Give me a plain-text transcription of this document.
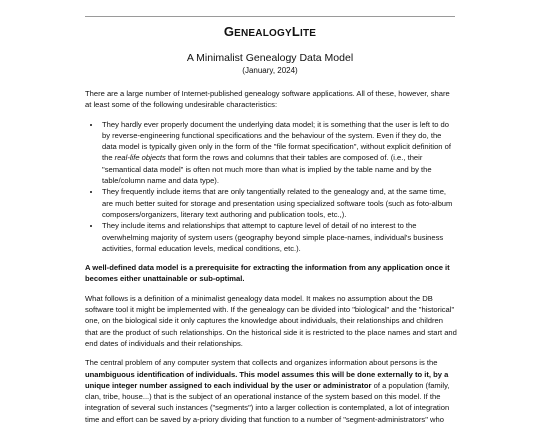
GENEALOGYLITE
A Minimalist Genealogy Data Model
(January, 2024)

There are a large number of Internet-published genealogy software applications. All of these, however, share at least some of the following undesirable characteristics:

• They hardly ever properly document the underlying data model; it is something that the user is left to do by reverse-engineering functional specifications and the behaviour of the system. Even if they do, the data model is typically given only in the form of the "file format specification", without explicit definition of the real-life objects that form the rows and columns that their tables are composed of. (i.e., their "semantical data model" is often not much more than what is implied by the table name and by the table/column name and data type).
• They frequently include items that are only tangentially related to the genealogy and, at the same time, are much better suited for storage and presentation using specialized software tools (such as foto-album composers/organizers, literary text authoring and publication tools, etc.,).
• They include items and relationships that attempt to capture level of detail of no interest to the overwhelming majority of system users (geography beyond simple place-names, individual's business activities, formal education levels, medical conditions, etc.).

A well-defined data model is a prerequisite for extracting the information from any application once it becomes either unattainable or sub-optimal.

What follows is a definition of a minimalist genealogy data model. It makes no assumption about the DB software tool it might be implemented with. If the genealogy can be divided into "biological" and the "historical" one, on the biological side it only captures the knowledge about individuals, their relationships and children that are the product of such relationships. On the historical side it is restricted to the place names and start and end dates of individuals and their relationships.

The central problem of any computer system that collects and organizes information about persons is the unambiguous identification of individuals. This model assumes this will be done externally to it, by a unique integer number assigned to each individual by the user or administrator of a population (family, clan, tribe, house...) that is the subject of an operational instance of the system based on this model. If the integration of several such instances ("segments") into a larger collection is contemplated, a lot of integration time and effort can be saved by a-priory dividing that function to a number of "segment-administrators" who
